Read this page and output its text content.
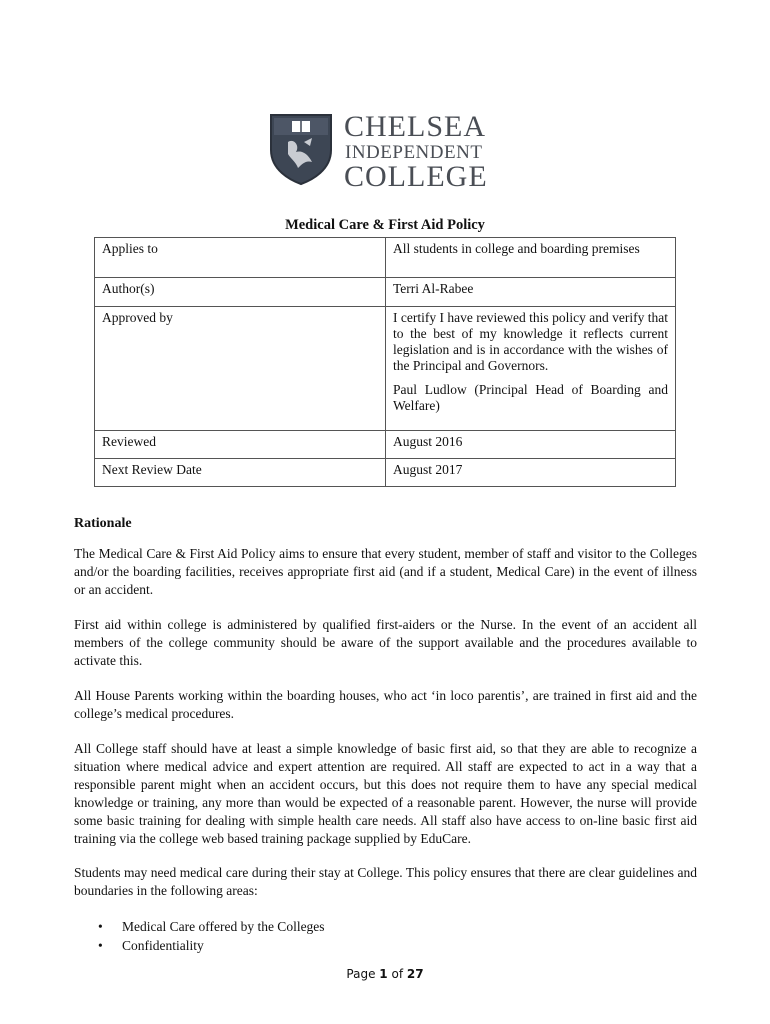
CHELSEA
INDEPENDENT
COLLEGE
Medical Care & First Aid Policy
Applies to	All students in college and boarding premises
Author(s)	Terri Al-Rabee
Approved by	I certify I have reviewed this policy and verify that to the best of my knowledge it reflects current legislation and is in accordance with the wishes of the Principal and Governors.
Paul Ludlow (Principal Head of Boarding and Welfare)

Reviewed	August 2016
Next Review Date	August 2017
Rationale

The Medical Care & First Aid Policy aims to ensure that every student, member of staff and visitor to the Colleges and/or the boarding facilities, receives appropriate first aid (and if a student, Medical Care) in the event of illness or an accident.

First aid within college is administered by qualified first-aiders or the Nurse. In the event of an accident all members of the college community should be aware of the support available and the procedures available to activate this.

All House Parents working within the boarding houses, who act ‘in loco parentis’, are trained in first aid and the college’s medical procedures.

All College staff should have at least a simple knowledge of basic first aid, so that they are able to recognize a situation where medical advice and expert attention are required. All staff are expected to act in a way that a responsible parent might when an accident occurs, but this does not require them to have any special medical knowledge or training, any more than would be expected of a reasonable parent. However, the nurse will provide some basic training for dealing with simple health care needs. All staff also have access to on-line basic first aid training via the college web based training package supplied by EduCare.

Students may need medical care during their stay at College. This policy ensures that there are clear guidelines and boundaries in the following areas:

• Medical Care offered by the Colleges
• Confidentiality
Page 1 of 27
